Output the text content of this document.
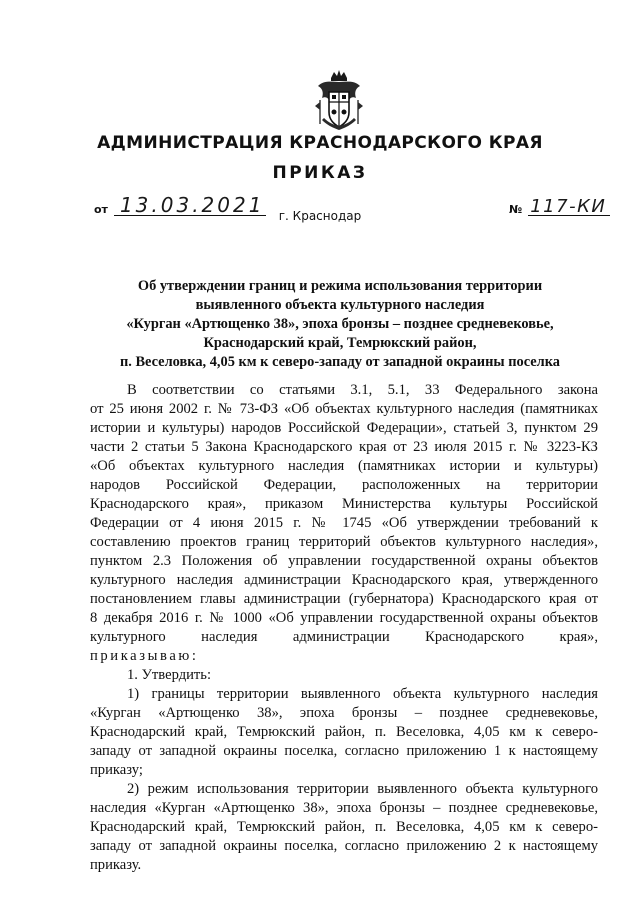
АДМИНИСТРАЦИЯ КРАСНОДАРСКОГО КРАЯ
ПРИКАЗ
от 13.03.2021	№ 117-КИ
г. Краснодар
Об утверждении границ и режима использования территории
выявленного объекта культурного наследия
«Курган «Артющенко 38», эпоха бронзы – позднее средневековье,
Краснодарский край, Темрюкский район,
п. Веселовка, 4,05 км к северо-западу от западной окраины поселка
В соответствии со статьями 3.1, 5.1, 33 Федерального закона
от 25 июня 2002 г. № 73-ФЗ «Об объектах культурного наследия (памятниках
истории и культуры) народов Российской Федерации», статьей 3, пунктом 29
части 2 статьи 5 Закона Краснодарского края от 23 июля 2015 г. № 3223-КЗ
«Об объектах культурного наследия (памятниках истории и культуры)
народов Российской Федерации, расположенных на территории
Краснодарского края», приказом Министерства культуры Российской
Федерации от 4 июня 2015 г. № 1745 «Об утверждении требований к
составлению проектов границ территорий объектов культурного наследия»,
пунктом 2.3 Положения об управлении государственной охраны объектов
культурного наследия администрации Краснодарского края, утвержденного
постановлением главы администрации (губернатора) Краснодарского края от
8 декабря 2016 г. № 1000 «Об управлении государственной охраны объектов
культурного наследия администрации Краснодарского края»,
приказываю:
1. Утвердить:
1) границы территории выявленного объекта культурного наследия
«Курган «Артющенко 38», эпоха бронзы – позднее средневековье,
Краснодарский край, Темрюкский район, п. Веселовка, 4,05 км к северо-
западу от западной окраины поселка, согласно приложению 1 к настоящему
приказу;
2) режим использования территории выявленного объекта культурного
наследия «Курган «Артющенко 38», эпоха бронзы – позднее средневековье,
Краснодарский край, Темрюкский район, п. Веселовка, 4,05 км к северо-
западу от западной окраины поселка, согласно приложению 2 к настоящему
приказу.
